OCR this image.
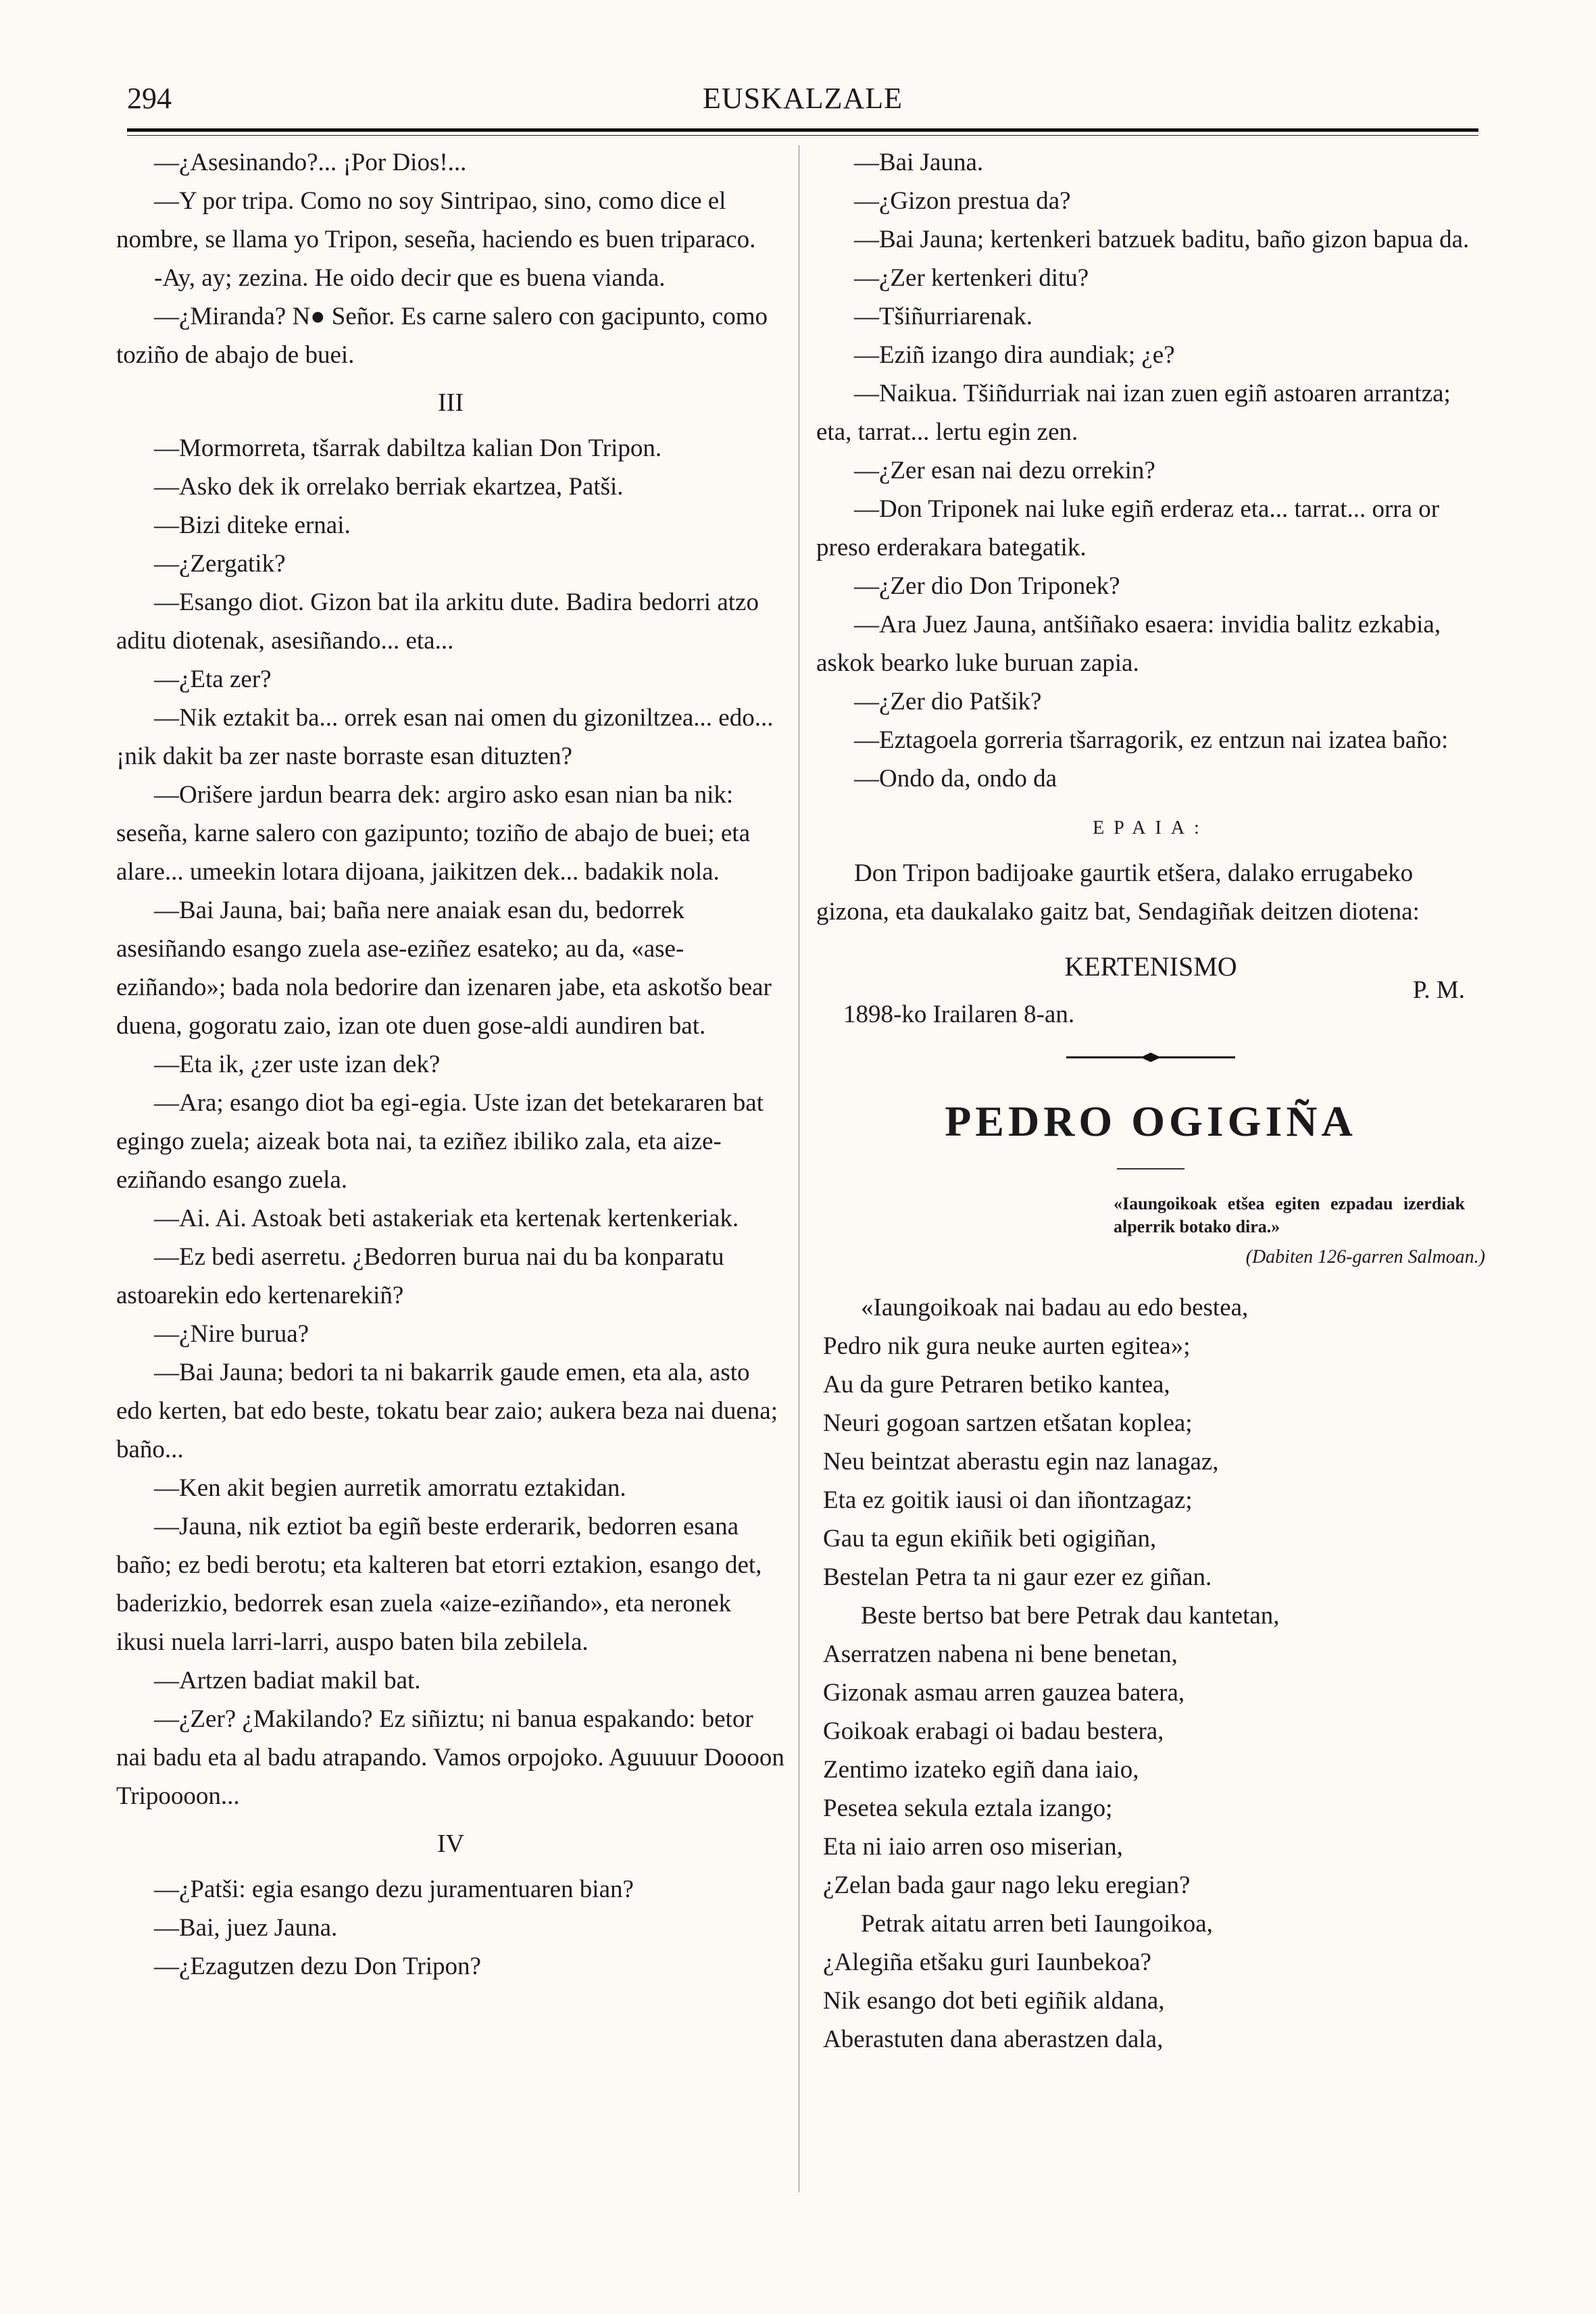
294	EUSKALZALE

—¿Asesinando?... ¡Por Dios!...

—Y por tripa. Como no soy Sintripao, sino, como dice el nombre, se llama yo Tripon, seseña, haciendo es buen triparaco.

-Ay, ay; zezina. He oido decir que es buena vianda.

—¿Miranda? N● Señor. Es carne salero con gacipunto, como toziño de abajo de buei.

III

—Mormorreta, tšarrak dabiltza kalian Don Tripon.

—Asko dek ik orrelako berriak ekartzea, Patši.

—Bizi diteke ernai.

—¿Zergatik?

—Esango diot. Gizon bat ila arkitu dute. Badira bedorri atzo aditu diotenak, asesiñando... eta...

—¿Eta zer?

—Nik eztakit ba... orrek esan nai omen du gizoniltzea... edo... ¡nik dakit ba zer naste borraste esan dituzten?

—Orišere jardun bearra dek: argiro asko esan nian ba nik: seseña, karne salero con gazipunto; toziño de abajo de buei; eta alare... umeekin lotara dijoana, jaikitzen dek... badakik nola.

—Bai Jauna, bai; baña nere anaiak esan du, bedorrek asesiñando esango zuela ase-eziñez esateko; au da, «ase-eziñando»; bada nola bedorire dan izenaren jabe, eta askotšo bear duena, gogoratu zaio, izan ote duen gose-aldi aundiren bat.

—Eta ik, ¿zer uste izan dek?

—Ara; esango diot ba egi-egia. Uste izan det betekararen bat egingo zuela; aizeak bota nai, ta eziñez ibiliko zala, eta aize-eziñando esango zuela.

—Ai. Ai. Astoak beti astakeriak eta kertenak kertenkeriak.

—Ez bedi aserretu. ¿Bedorren burua nai du ba konparatu astoarekin edo kertenarekiñ?

—¿Nire burua?

—Bai Jauna; bedori ta ni bakarrik gaude emen, eta ala, asto edo kerten, bat edo beste, tokatu bear zaio; aukera beza nai duena; baño...

—Ken akit begien aurretik amorratu eztakidan.

—Jauna, nik eztiot ba egiñ beste erderarik, bedorren esana baño; ez bedi berotu; eta kalteren bat etorri eztakion, esango det, baderizkio, bedorrek esan zuela «aize-eziñando», eta neronek ikusi nuela larri-larri, auspo baten bila zebilela.

—Artzen badiat makil bat.

—¿Zer? ¿Makilando? Ez siñiztu; ni banua espakando: betor nai badu eta al badu atrapando. Vamos orpojoko. Aguuuur Doooon Tripoooon...

IV

—¿Patši: egia esango dezu juramentuaren bian?

—Bai, juez Jauna.

—¿Ezagutzen dezu Don Tripon?

—Bai Jauna.

—¿Gizon prestua da?

—Bai Jauna; kertenkeri batzuek baditu, baño gizon bapua da.

—¿Zer kertenkeri ditu?

—Tšiñurriarenak.

—Eziñ izango dira aundiak; ¿e?

—Naikua. Tšiñdurriak nai izan zuen egiñ astoaren arrantza; eta, tarrat... lertu egin zen.

—¿Zer esan nai dezu orrekin?

—Don Triponek nai luke egiñ erderaz eta... tarrat... orra or preso erderakara bategatik.

—¿Zer dio Don Triponek?

—Ara Juez Jauna, antšiñako esaera: invidia balitz ezkabia, askok bearko luke buruan zapia.

—¿Zer dio Patšik?

—Eztagoela gorreria tšarragorik, ez entzun nai izatea baño:

—Ondo da, ondo da

EPAIA:

Don Tripon badijoake gaurtik etšera, dalako errugabeko gizona, eta daukalako gaitz bat, Sendagiñak deitzen diotena:

KERTENISMO

1898-ko Irailaren 8-an.
P. M.

PEDRO OGIGIÑA

«Iaungoikoak etšea egiten ezpadau izerdiak alperrik botako dira.»

(Dabiten 126-garren Salmoan.)

«Iaungoikoak nai badau au edo bestea,

Pedro nik gura neuke aurten egitea»;

Au da gure Petraren betiko kantea,

Neuri gogoan sartzen etšatan koplea;

Neu beintzat aberastu egin naz lanagaz,

Eta ez goitik iausi oi dan iñontzagaz;

Gau ta egun ekiñik beti ogigiñan,

Bestelan Petra ta ni gaur ezer ez giñan.

Beste bertso bat bere Petrak dau kantetan,

Aserratzen nabena ni bene benetan,

Gizonak asmau arren gauzea batera,

Goikoak erabagi oi badau bestera,

Zentimo izateko egiñ dana iaio,

Pesetea sekula eztala izango;

Eta ni iaio arren oso miserian,

¿Zelan bada gaur nago leku eregian?

Petrak aitatu arren beti Iaungoikoa,

¿Alegiña etšaku guri Iaunbekoa?

Nik esango dot beti egiñik aldana,

Aberastuten dana aberastzen dala,
